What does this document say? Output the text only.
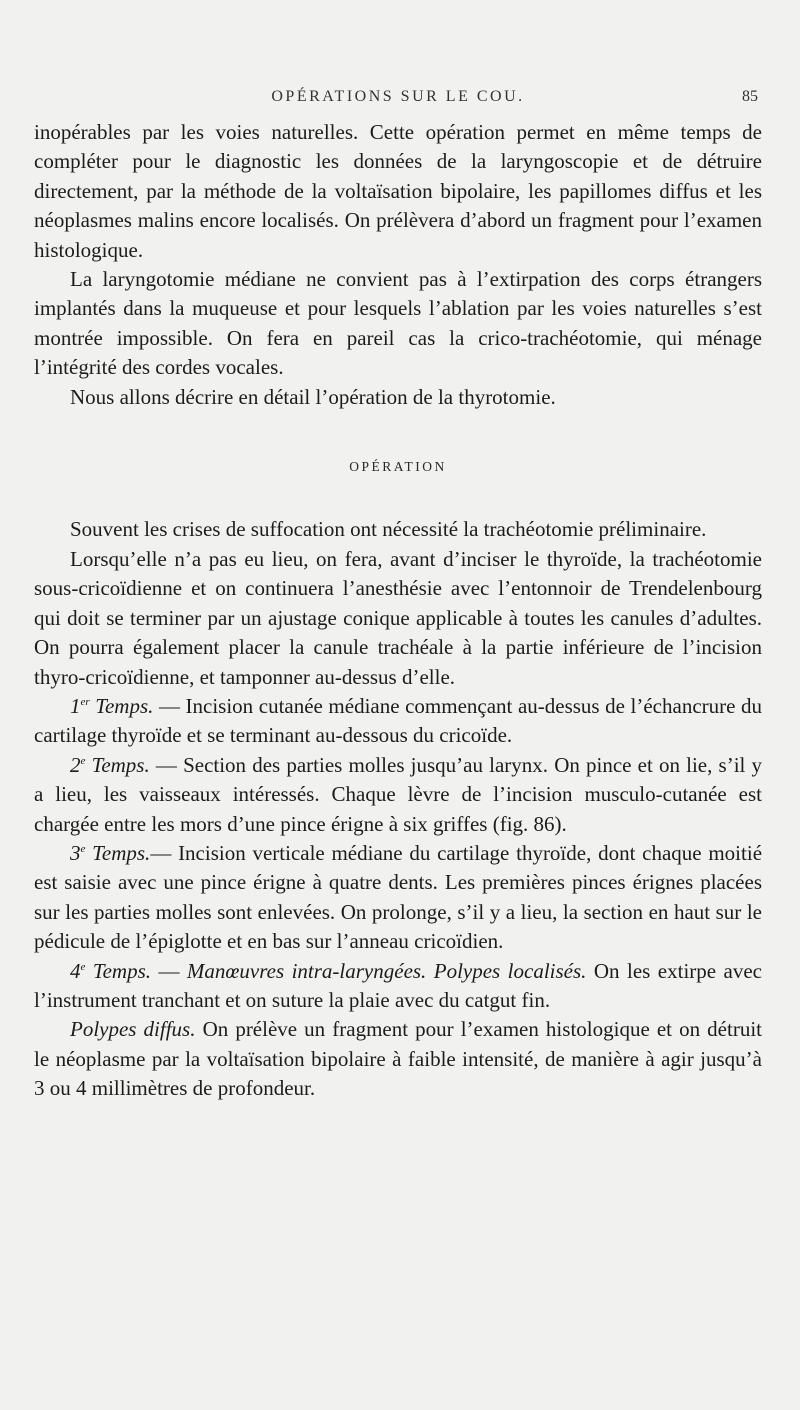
OPÉRATIONS SUR LE COU.	85

inopérables par les voies naturelles. Cette opération permet en même temps de compléter pour le diagnostic les données de la laryngoscopie et de détruire directement, par la méthode de la voltaïsation bipolaire, les papillomes diffus et les néoplasmes malins encore localisés. On prélèvera d’abord un fragment pour l’examen histologique.

La laryngotomie médiane ne convient pas à l’extirpation des corps étrangers implantés dans la muqueuse et pour lesquels l’ablation par les voies naturelles s’est montrée impossible. On fera en pareil cas la crico-trachéotomie, qui ménage l’intégrité des cordes vocales.

Nous allons décrire en détail l’opération de la thyrotomie.

OPÉRATION

Souvent les crises de suffocation ont nécessité la trachéotomie préliminaire.

Lorsqu’elle n’a pas eu lieu, on fera, avant d’inciser le thyroïde, la trachéotomie sous-cricoïdienne et on continuera l’anesthésie avec l’entonnoir de Trendelenbourg qui doit se terminer par un ajustage conique applicable à toutes les canules d’adultes. On pourra également placer la canule trachéale à la partie inférieure de l’incision thyro-cricoïdienne, et tamponner au-dessus d’elle.

1er Temps. — Incision cutanée médiane commençant au-dessus de l’échancrure du cartilage thyroïde et se terminant au-dessous du cricoïde.

2e Temps. — Section des parties molles jusqu’au larynx. On pince et on lie, s’il y a lieu, les vaisseaux intéressés. Chaque lèvre de l’incision musculo-cutanée est chargée entre les mors d’une pince érigne à six griffes (fig. 86).

3e Temps.— Incision verticale médiane du cartilage thyroïde, dont chaque moitié est saisie avec une pince érigne à quatre dents. Les premières pinces érignes placées sur les parties molles sont enlevées. On prolonge, s’il y a lieu, la section en haut sur le pédicule de l’épiglotte et en bas sur l’anneau cricoïdien.

4e Temps. — Manœuvres intra-laryngées. Polypes localisés. On les extirpe avec l’instrument tranchant et on suture la plaie avec du catgut fin.

Polypes diffus. On prélève un fragment pour l’examen histologique et on détruit le néoplasme par la voltaïsation bipolaire à faible intensité, de manière à agir jusqu’à 3 ou 4 millimètres de profondeur.
